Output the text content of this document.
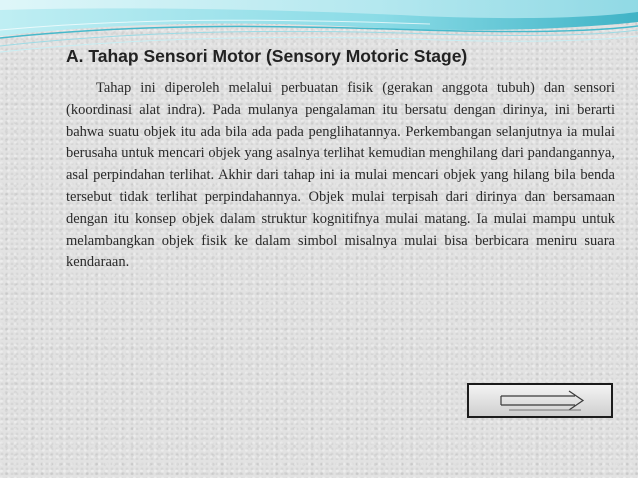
A. Tahap Sensori Motor (Sensory Motoric Stage)

Tahap ini diperoleh melalui perbuatan fisik (gerakan anggota tubuh) dan sensori (koordinasi alat indra). Pada mulanya pengalaman itu bersatu dengan dirinya, ini berarti bahwa suatu objek itu ada bila ada pada penglihatannya. Perkembangan selanjutnya ia mulai berusaha untuk mencari objek yang asalnya terlihat kemudian menghilang dari pandangannya, asal perpindahan terlihat. Akhir dari tahap ini ia mulai mencari objek yang hilang bila benda tersebut tidak terlihat perpindahannya. Objek mulai terpisah dari dirinya dan bersamaan dengan itu konsep objek dalam struktur kognitifnya mulai matang. Ia mulai mampu untuk melambangkan objek fisik ke dalam simbol misalnya mulai bisa berbicara meniru suara kendaraan.
